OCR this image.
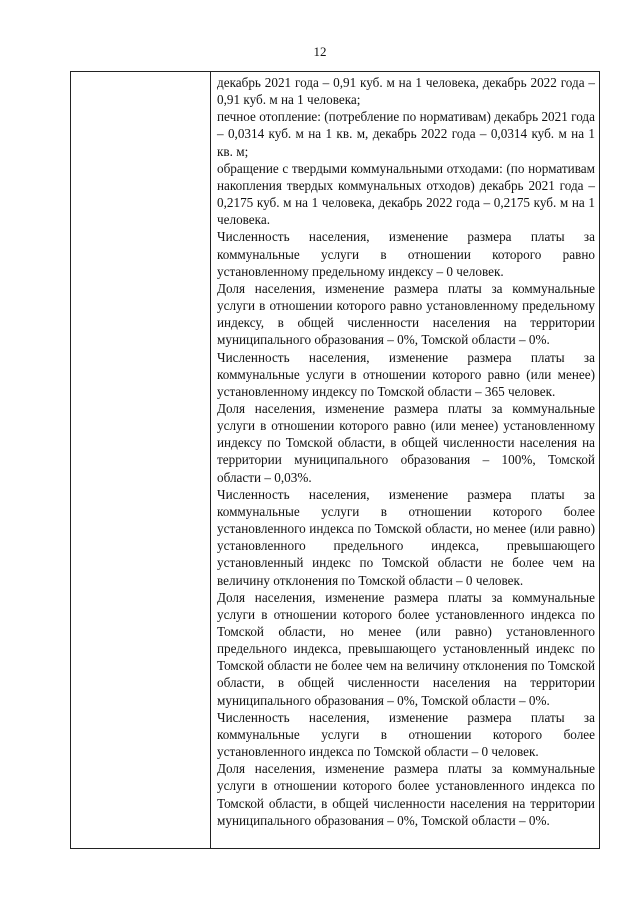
12

декабрь 2021 года – 0,91 куб. м на 1 человека, декабрь 2022 года – 0,91 куб. м на 1 человека;

печное отопление: (потребление по нормативам) декабрь 2021 года – 0,0314 куб. м на 1 кв. м, декабрь 2022 года – 0,0314 куб. м на 1 кв. м;

обращение с твердыми коммунальными отходами: (по нормативам накопления твердых коммунальных отходов) декабрь 2021 года – 0,2175 куб. м на 1 человека, декабрь 2022 года – 0,2175 куб. м на 1 человека.

Численность населения, изменение размера платы за коммунальные услуги в отношении которого равно установленному предельному индексу – 0 человек.

Доля населения, изменение размера платы за коммунальные услуги в отношении которого равно установленному предельному индексу, в общей численности населения на территории муниципального образования – 0%, Томской области – 0%.

Численность населения, изменение размера платы за коммунальные услуги в отношении которого равно (или менее) установленному индексу по Томской области – 365 человек.

Доля населения, изменение размера платы за коммунальные услуги в отношении которого равно (или менее) установленному индексу по Томской области, в общей численности населения на территории муниципального образования – 100%, Томской области – 0,03%.

Численность населения, изменение размера платы за коммунальные услуги в отношении которого более установленного индекса по Томской области, но менее (или равно) установленного предельного индекса, превышающего установленный индекс по Томской области не более чем на величину отклонения по Томской области – 0 человек.

Доля населения, изменение размера платы за коммунальные услуги в отношении которого более установленного индекса по Томской области, но менее (или равно) установленного предельного индекса, превышающего установленный индекс по Томской области не более чем на величину отклонения по Томской области, в общей численности населения на территории муниципального образования – 0%, Томской области – 0%.

Численность населения, изменение размера платы за коммунальные услуги в отношении которого более установленного индекса по Томской области – 0 человек.

Доля населения, изменение размера платы за коммунальные услуги в отношении которого более установленного индекса по Томской области, в общей численности населения на территории муниципального образования – 0%, Томской области – 0%.
